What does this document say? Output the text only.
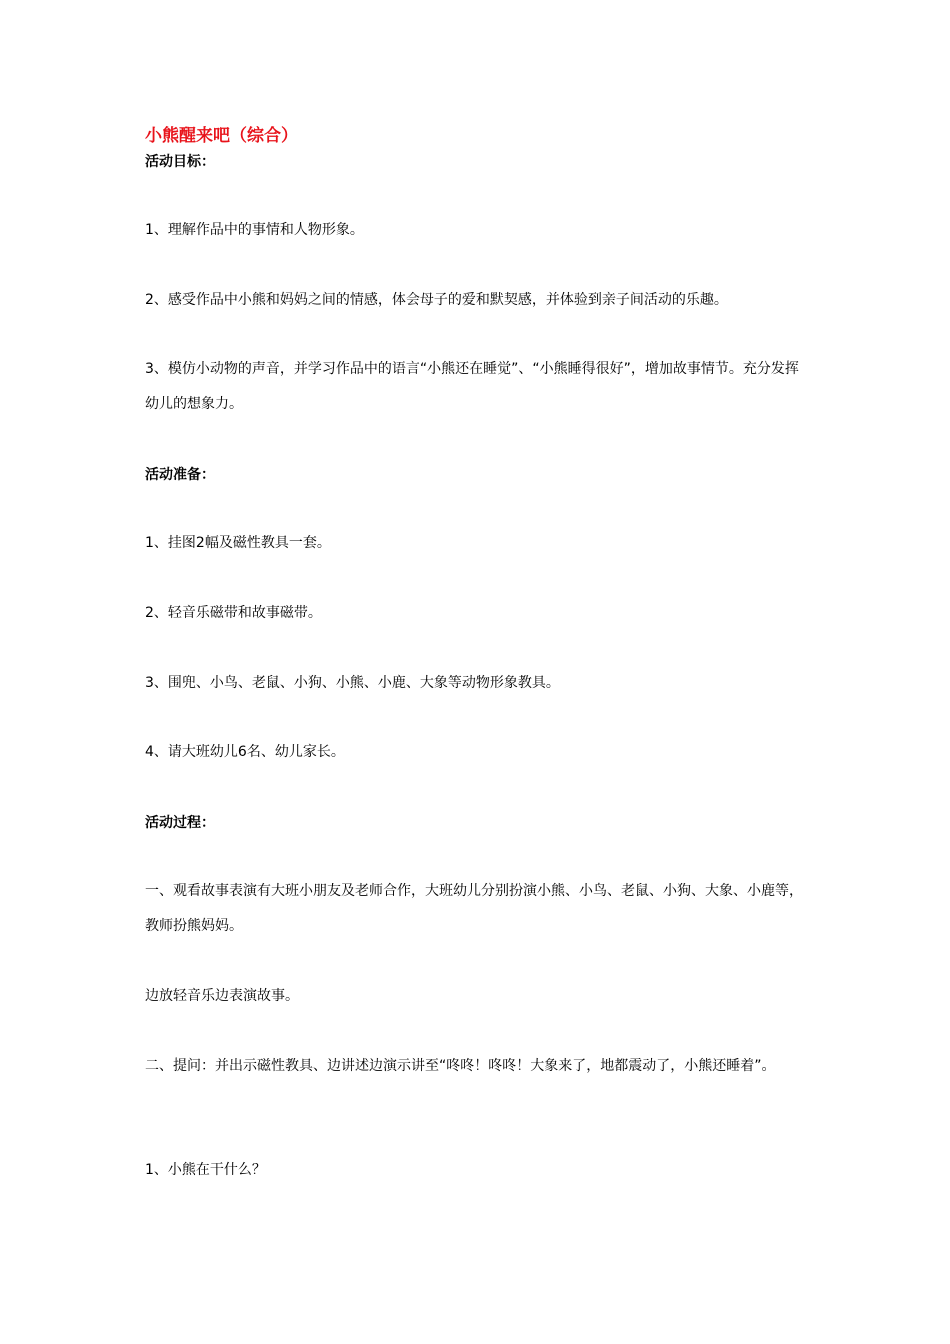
小熊醒来吧（综合）
活动目标：
1、理解作品中的事情和人物形象。
2、感受作品中小熊和妈妈之间的情感，体会母子的爱和默契感，并体验到亲子间活动的乐趣。
3、模仿小动物的声音，并学习作品中的语言“小熊还在睡觉”、“小熊睡得很好”，增加故事情节。充分发挥幼儿的想象力。
活动准备：
1、挂图2幅及磁性教具一套。
2、轻音乐磁带和故事磁带。
3、围兜、小鸟、老鼠、小狗、小熊、小鹿、大象等动物形象教具。
4、请大班幼儿6名、幼儿家长。
活动过程：
一、观看故事表演有大班小朋友及老师合作，大班幼儿分别扮演小熊、小鸟、老鼠、小狗、大象、小鹿等，教师扮熊妈妈。
边放轻音乐边表演故事。
二、提问：并出示磁性教具、边讲述边演示讲至“咚咚！咚咚！大象来了，地都震动了，小熊还睡着”。
1、小熊在干什么？
